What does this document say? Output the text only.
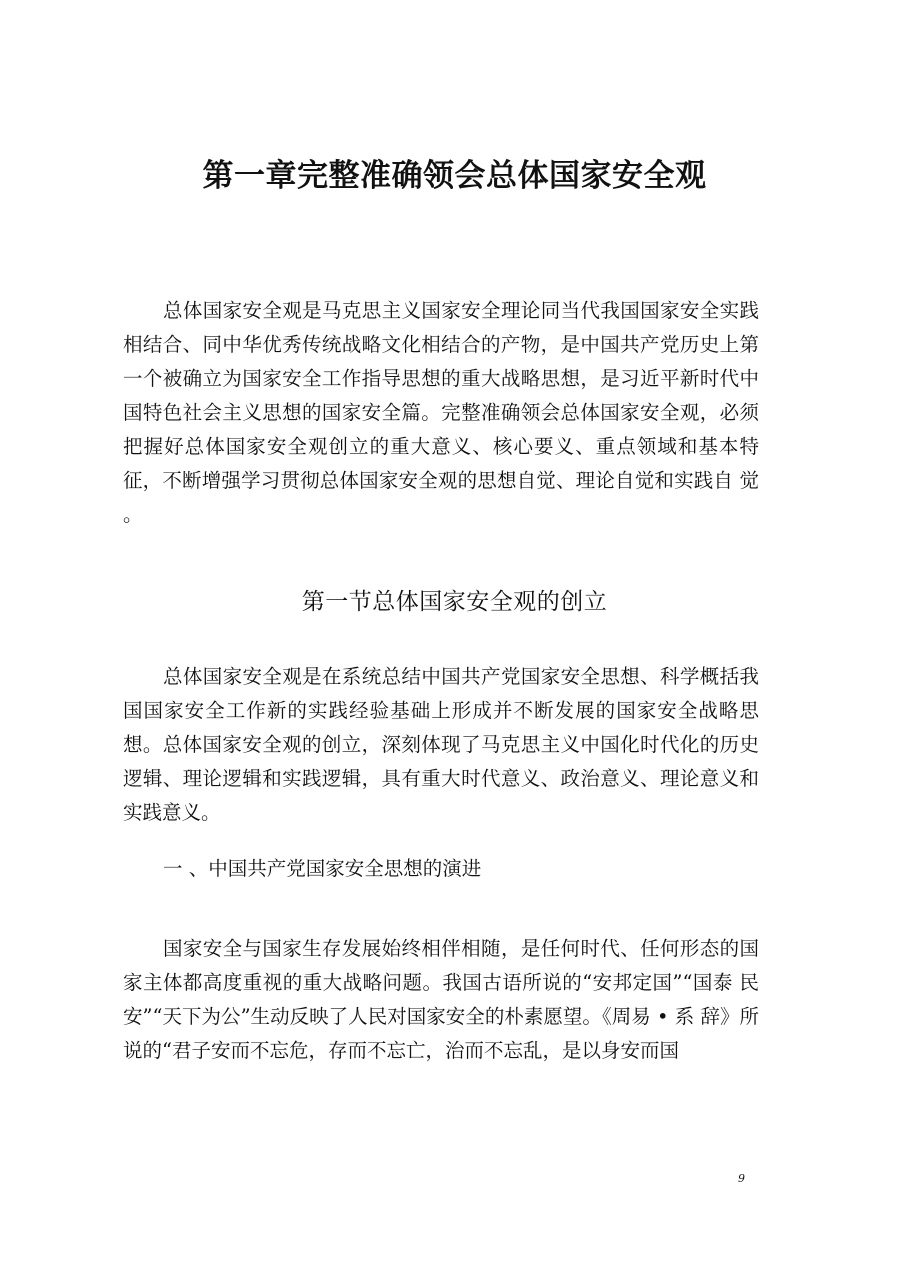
第一章完整准确领会总体国家安全观

总体国家安全观是马克思主义国家安全理论同当代我国国家安全实践相结合、同中华优秀传统战略文化相结合的产物，是中国共产党历史上第一个被确立为国家安全工作指导思想的重大战略思想，是习近平新时代中国特色社会主义思想的国家安全篇。完整准确领会总体国家安全观，必须把握好总体国家安全观创立的重大意义、核心要义、重点领域和基本特征，不断增强学习贯彻总体国家安全观的思想自觉、理论自觉和实践自 觉 。

第一节总体国家安全观的创立

总体国家安全观是在系统总结中国共产党国家安全思想、科学概括我国国家安全工作新的实践经验基础上形成并不断发展的国家安全战略思想。总体国家安全观的创立，深刻体现了马克思主义中国化时代化的历史逻辑、理论逻辑和实践逻辑，具有重大时代意义、政治意义、理论意义和实践意义。

一 、中国共产党国家安全思想的演进

国家安全与国家生存发展始终相伴相随，是任何时代、任何形态的国 家主体都高度重视的重大战略问题。我国古语所说的“安邦定国”“国泰 民安”“天下为公”生动反映了人民对国家安全的朴素愿望。《周易 • 系 辞》所说的“君子安而不忘危，存而不忘亡，治而不忘乱，是以身安而国

9
